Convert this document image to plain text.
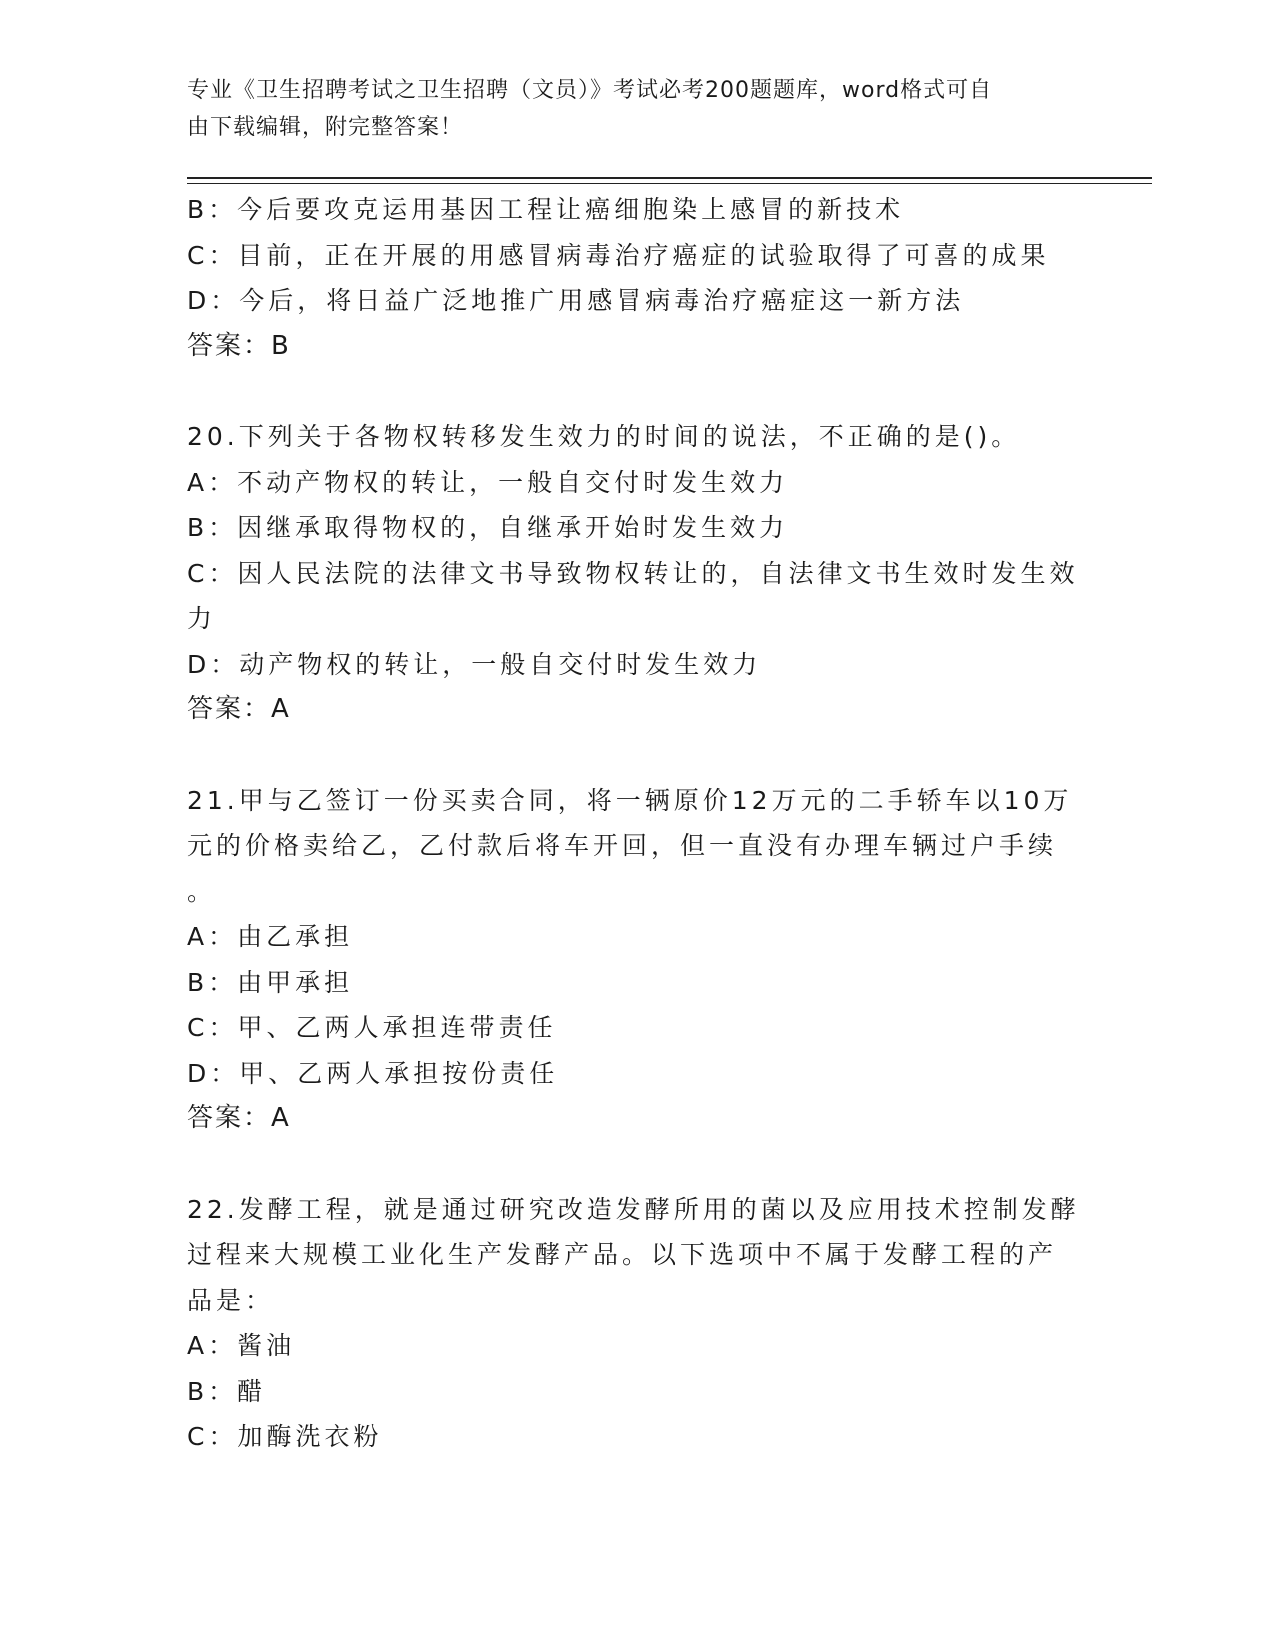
专业《卫生招聘考试之卫生招聘（文员）》考试必考200题题库，word格式可自
由下载编辑，附完整答案！
B：今后要攻克运用基因工程让癌细胞染上感冒的新技术
C：目前，正在开展的用感冒病毒治疗癌症的试验取得了可喜的成果
D：今后，将日益广泛地推广用感冒病毒治疗癌症这一新方法
答案：B
20.下列关于各物权转移发生效力的时间的说法，不正确的是()。
A：不动产物权的转让，一般自交付时发生效力
B：因继承取得物权的，自继承开始时发生效力
C：因人民法院的法律文书导致物权转让的，自法律文书生效时发生效
力
D：动产物权的转让，一般自交付时发生效力
答案：A
21.甲与乙签订一份买卖合同，将一辆原价12万元的二手轿车以10万
元的价格卖给乙，乙付款后将车开回，但一直没有办理车辆过户手续
。
A：由乙承担
B：由甲承担
C：甲、乙两人承担连带责任
D：甲、乙两人承担按份责任
答案：A
22.发酵工程，就是通过研究改造发酵所用的菌以及应用技术控制发酵
过程来大规模工业化生产发酵产品。以下选项中不属于发酵工程的产
品是：
A：酱油
B：醋
C：加酶洗衣粉
